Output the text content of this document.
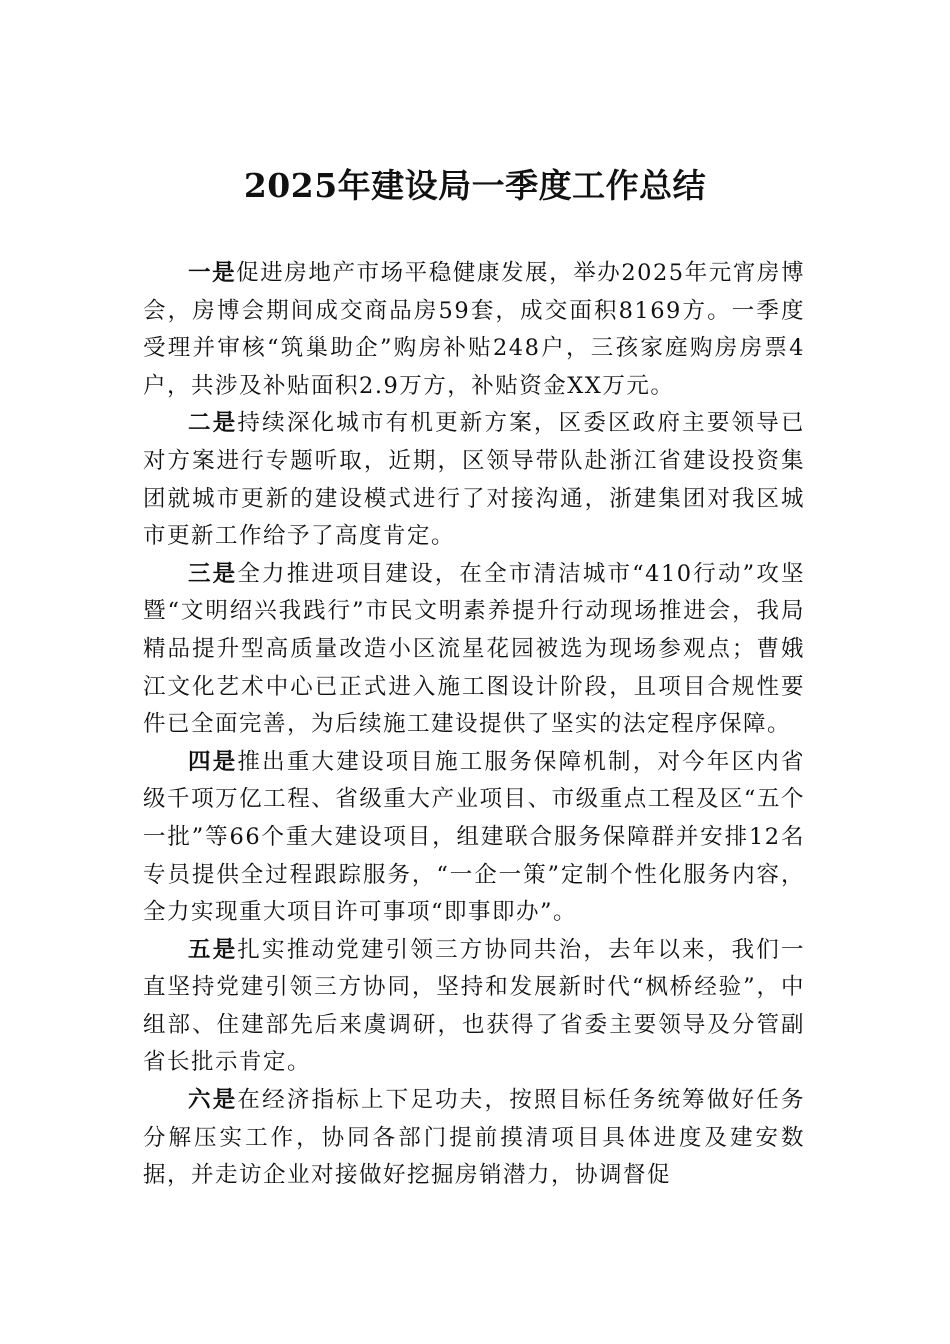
2025年建设局一季度工作总结

一是促进房地产市场平稳健康发展，举办2025年元宵房博会，房博会期间成交商品房59套，成交面积8169方。一季度受理并审核“筑巢助企”购房补贴248户，三孩家庭购房房票4户，共涉及补贴面积2.9万方，补贴资金XX万元。

二是持续深化城市有机更新方案，区委区政府主要领导已对方案进行专题听取，近期，区领导带队赴浙江省建设投资集团就城市更新的建设模式进行了对接沟通，浙建集团对我区城市更新工作给予了高度肯定。

三是全力推进项目建设，在全市清洁城市“410行动”攻坚暨“文明绍兴我践行”市民文明素养提升行动现场推进会，我局精品提升型高质量改造小区流星花园被选为现场参观点；曹娥江文化艺术中心已正式进入施工图设计阶段，且项目合规性要件已全面完善，为后续施工建设提供了坚实的法定程序保障。

四是推出重大建设项目施工服务保障机制，对今年区内省级千项万亿工程、省级重大产业项目、市级重点工程及区“五个一批”等66个重大建设项目，组建联合服务保障群并安排12名专员提供全过程跟踪服务，“一企一策”定制个性化服务内容，全力实现重大项目许可事项“即事即办”。

五是扎实推动党建引领三方协同共治，去年以来，我们一直坚持党建引领三方协同，坚持和发展新时代“枫桥经验”，中组部、住建部先后来虞调研，也获得了省委主要领导及分管副省长批示肯定。

六是在经济指标上下足功夫，按照目标任务统筹做好任务分解压实工作，协同各部门提前摸清项目具体进度及建安数据，并走访企业对接做好挖掘房销潜力，协调督促
